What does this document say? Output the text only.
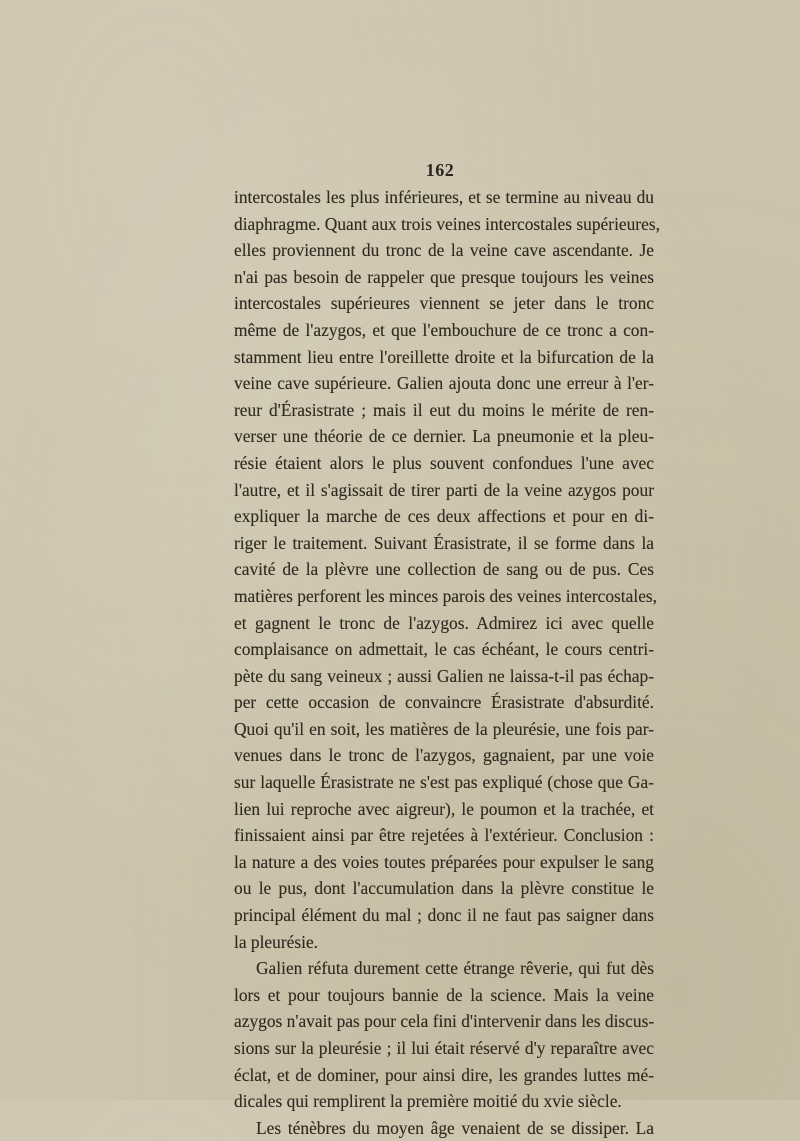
162
intercostales les plus inférieures, et se termine au niveau du
diaphragme. Quant aux trois veines intercostales supérieures,
elles proviennent du tronc de la veine cave ascendante. Je
n'ai pas besoin de rappeler que presque toujours les veines
intercostales supérieures viennent se jeter dans le tronc
même de l'azygos, et que l'embouchure de ce tronc a con-
stamment lieu entre l'oreillette droite et la bifurcation de la
veine cave supérieure. Galien ajouta donc une erreur à l'er-
reur d'Érasistrate ; mais il eut du moins le mérite de ren-
verser une théorie de ce dernier. La pneumonie et la pleu-
résie étaient alors le plus souvent confondues l'une avec
l'autre, et il s'agissait de tirer parti de la veine azygos pour
expliquer la marche de ces deux affections et pour en di-
riger le traitement. Suivant Érasistrate, il se forme dans la
cavité de la plèvre une collection de sang ou de pus. Ces
matières perforent les minces parois des veines intercostales,
et gagnent le tronc de l'azygos. Admirez ici avec quelle
complaisance on admettait, le cas échéant, le cours centri-
pète du sang veineux ; aussi Galien ne laissa-t-il pas échap-
per cette occasion de convaincre Érasistrate d'absurdité.
Quoi qu'il en soit, les matières de la pleurésie, une fois par-
venues dans le tronc de l'azygos, gagnaient, par une voie
sur laquelle Érasistrate ne s'est pas expliqué (chose que Ga-
lien lui reproche avec aigreur), le poumon et la trachée, et
finissaient ainsi par être rejetées à l'extérieur. Conclusion :
la nature a des voies toutes préparées pour expulser le sang
ou le pus, dont l'accumulation dans la plèvre constitue le
principal élément du mal ; donc il ne faut pas saigner dans
la pleurésie.
Galien réfuta durement cette étrange rêverie, qui fut dès
lors et pour toujours bannie de la science. Mais la veine
azygos n'avait pas pour cela fini d'intervenir dans les discus-
sions sur la pleurésie ; il lui était réservé d'y reparaître avec
éclat, et de dominer, pour ainsi dire, les grandes luttes mé-
dicales qui remplirent la première moitié du xvie siècle.
Les ténèbres du moyen âge venaient de se dissiper. La
